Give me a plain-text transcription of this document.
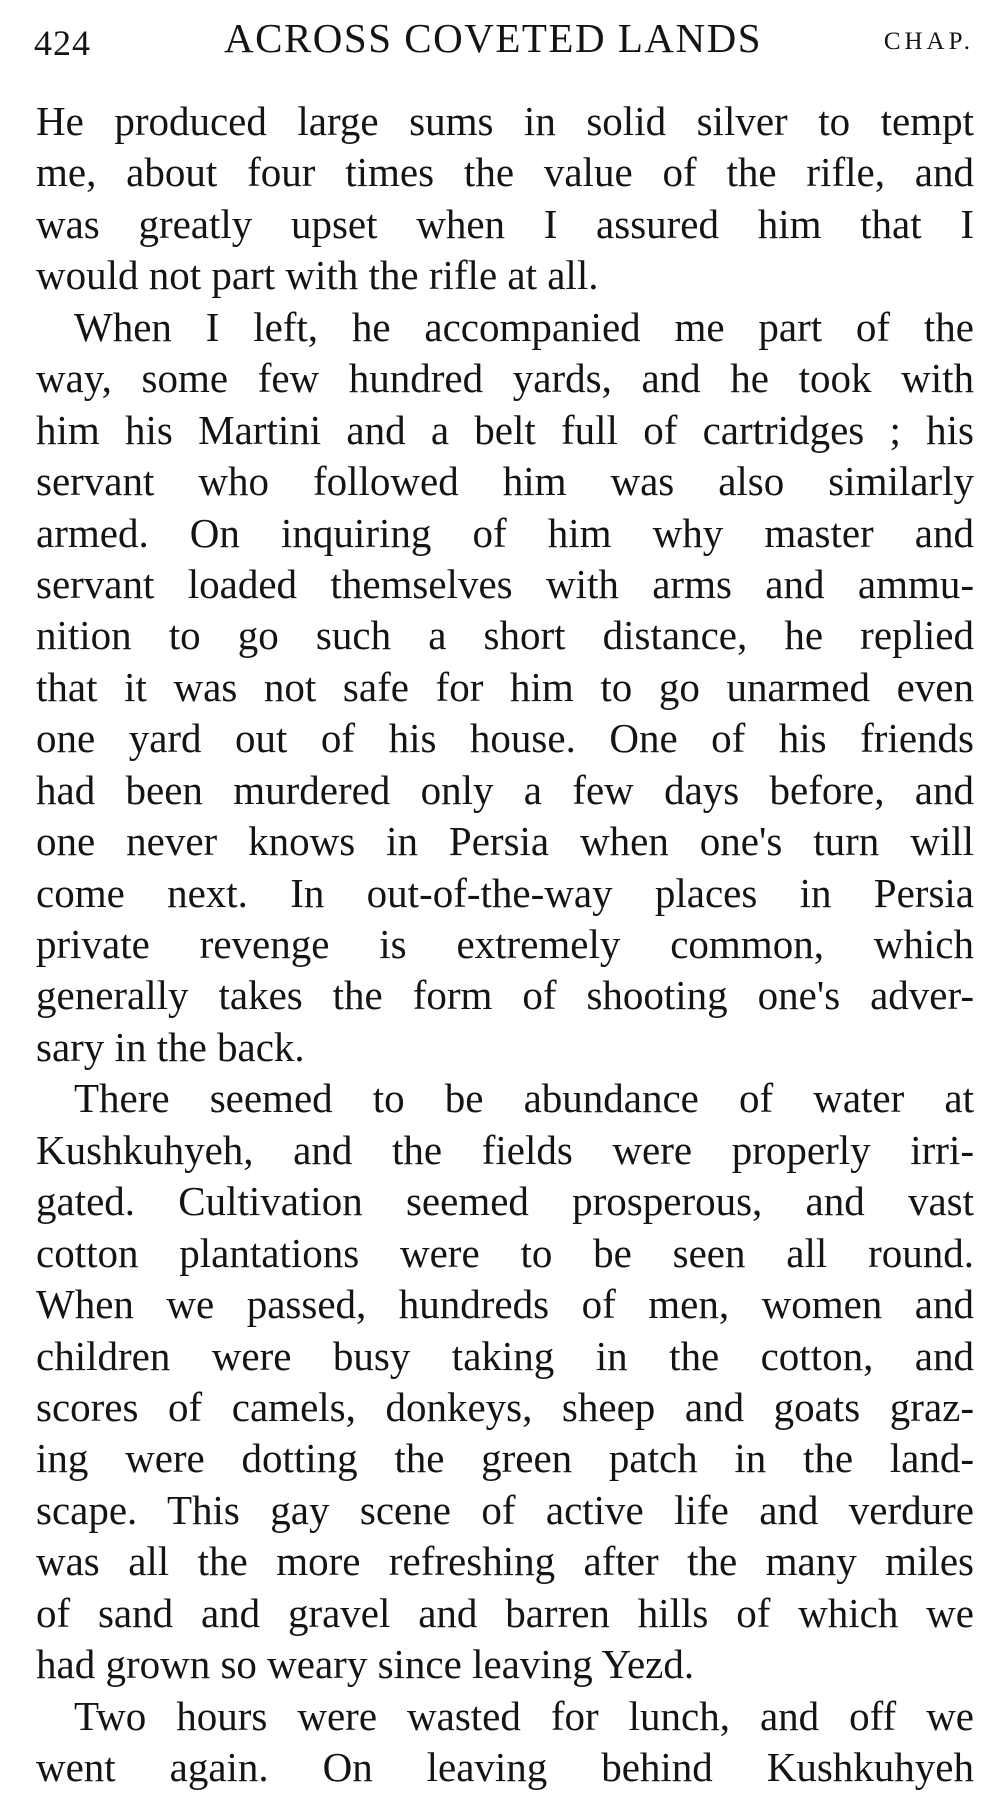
424	ACROSS COVETED LANDS	CHAP.
He produced large sums in solid silver to tempt
me, about four times the value of the rifle, and
was greatly upset when I assured him that I
would not part with the rifle at all.
When I left, he accompanied me part of the
way, some few hundred yards, and he took with
him his Martini and a belt full of cartridges ; his
servant who followed him was also similarly
armed. On inquiring of him why master and
servant loaded themselves with arms and ammu-
nition to go such a short distance, he replied
that it was not safe for him to go unarmed even
one yard out of his house. One of his friends
had been murdered only a few days before, and
one never knows in Persia when one's turn will
come next. In out-of-the-way places in Persia
private revenge is extremely common, which
generally takes the form of shooting one's adver-
sary in the back.
There seemed to be abundance of water at
Kushkuhyeh, and the fields were properly irri-
gated. Cultivation seemed prosperous, and vast
cotton plantations were to be seen all round.
When we passed, hundreds of men, women and
children were busy taking in the cotton, and
scores of camels, donkeys, sheep and goats graz-
ing were dotting the green patch in the land-
scape. This gay scene of active life and verdure
was all the more refreshing after the many miles
of sand and gravel and barren hills of which we
had grown so weary since leaving Yezd.
Two hours were wasted for lunch, and off we
went again. On leaving behind Kushkuhyeh
